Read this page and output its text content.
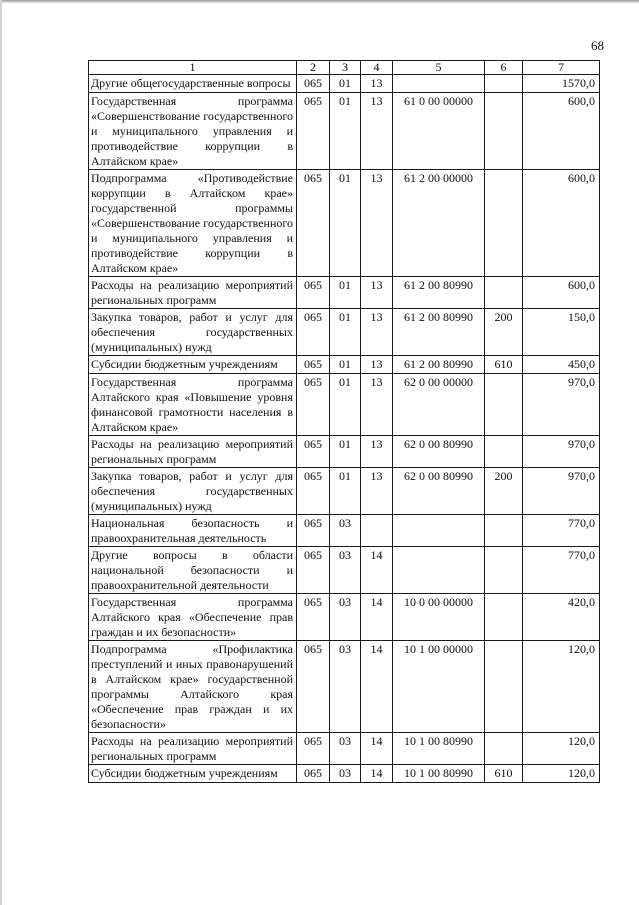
68
1	2	3	4	5	6	7
Другие общегосударственные вопросы	065	01	13			1570,0
Государственная программа «Совершенствование государственного и муниципального управления и противодействие коррупции в Алтайском крае»	065	01	13	61 0 00 00000		600,0
Подпрограмма «Противодействие коррупции в Алтайском крае» государственной программы «Совершенствование государственного и муниципального управления и противодействие коррупции в Алтайском крае»	065	01	13	61 2 00 00000		600,0
Расходы на реализацию мероприятий региональных программ	065	01	13	61 2 00 80990		600,0
Закупка товаров, работ и услуг для обеспечения государственных (муниципальных) нужд	065	01	13	61 2 00 80990	200	150,0
Субсидии бюджетным учреждениям	065	01	13	61 2 00 80990	610	450,0
Государственная программа Алтайского края «Повышение уровня финансовой грамотности населения в Алтайском крае»	065	01	13	62 0 00 00000		970,0
Расходы на реализацию мероприятий региональных программ	065	01	13	62 0 00 80990		970,0
Закупка товаров, работ и услуг для обеспечения государственных (муниципальных) нужд	065	01	13	62 0 00 80990	200	970,0
Национальная безопасность и правоохранительная деятельность	065	03				770,0
Другие вопросы в области национальной безопасности и правоохранительной деятельности	065	03	14			770,0
Государственная программа Алтайского края «Обеспечение прав граждан и их безопасности»	065	03	14	10 0 00 00000		420,0
Подпрограмма «Профилактика преступлений и иных правонарушений в Алтайском крае» государственной программы Алтайского края «Обеспечение прав граждан и их безопасности»	065	03	14	10 1 00 00000		120,0
Расходы на реализацию мероприятий региональных программ	065	03	14	10 1 00 80990		120,0
Субсидии бюджетным учреждениям	065	03	14	10 1 00 80990	610	120,0
